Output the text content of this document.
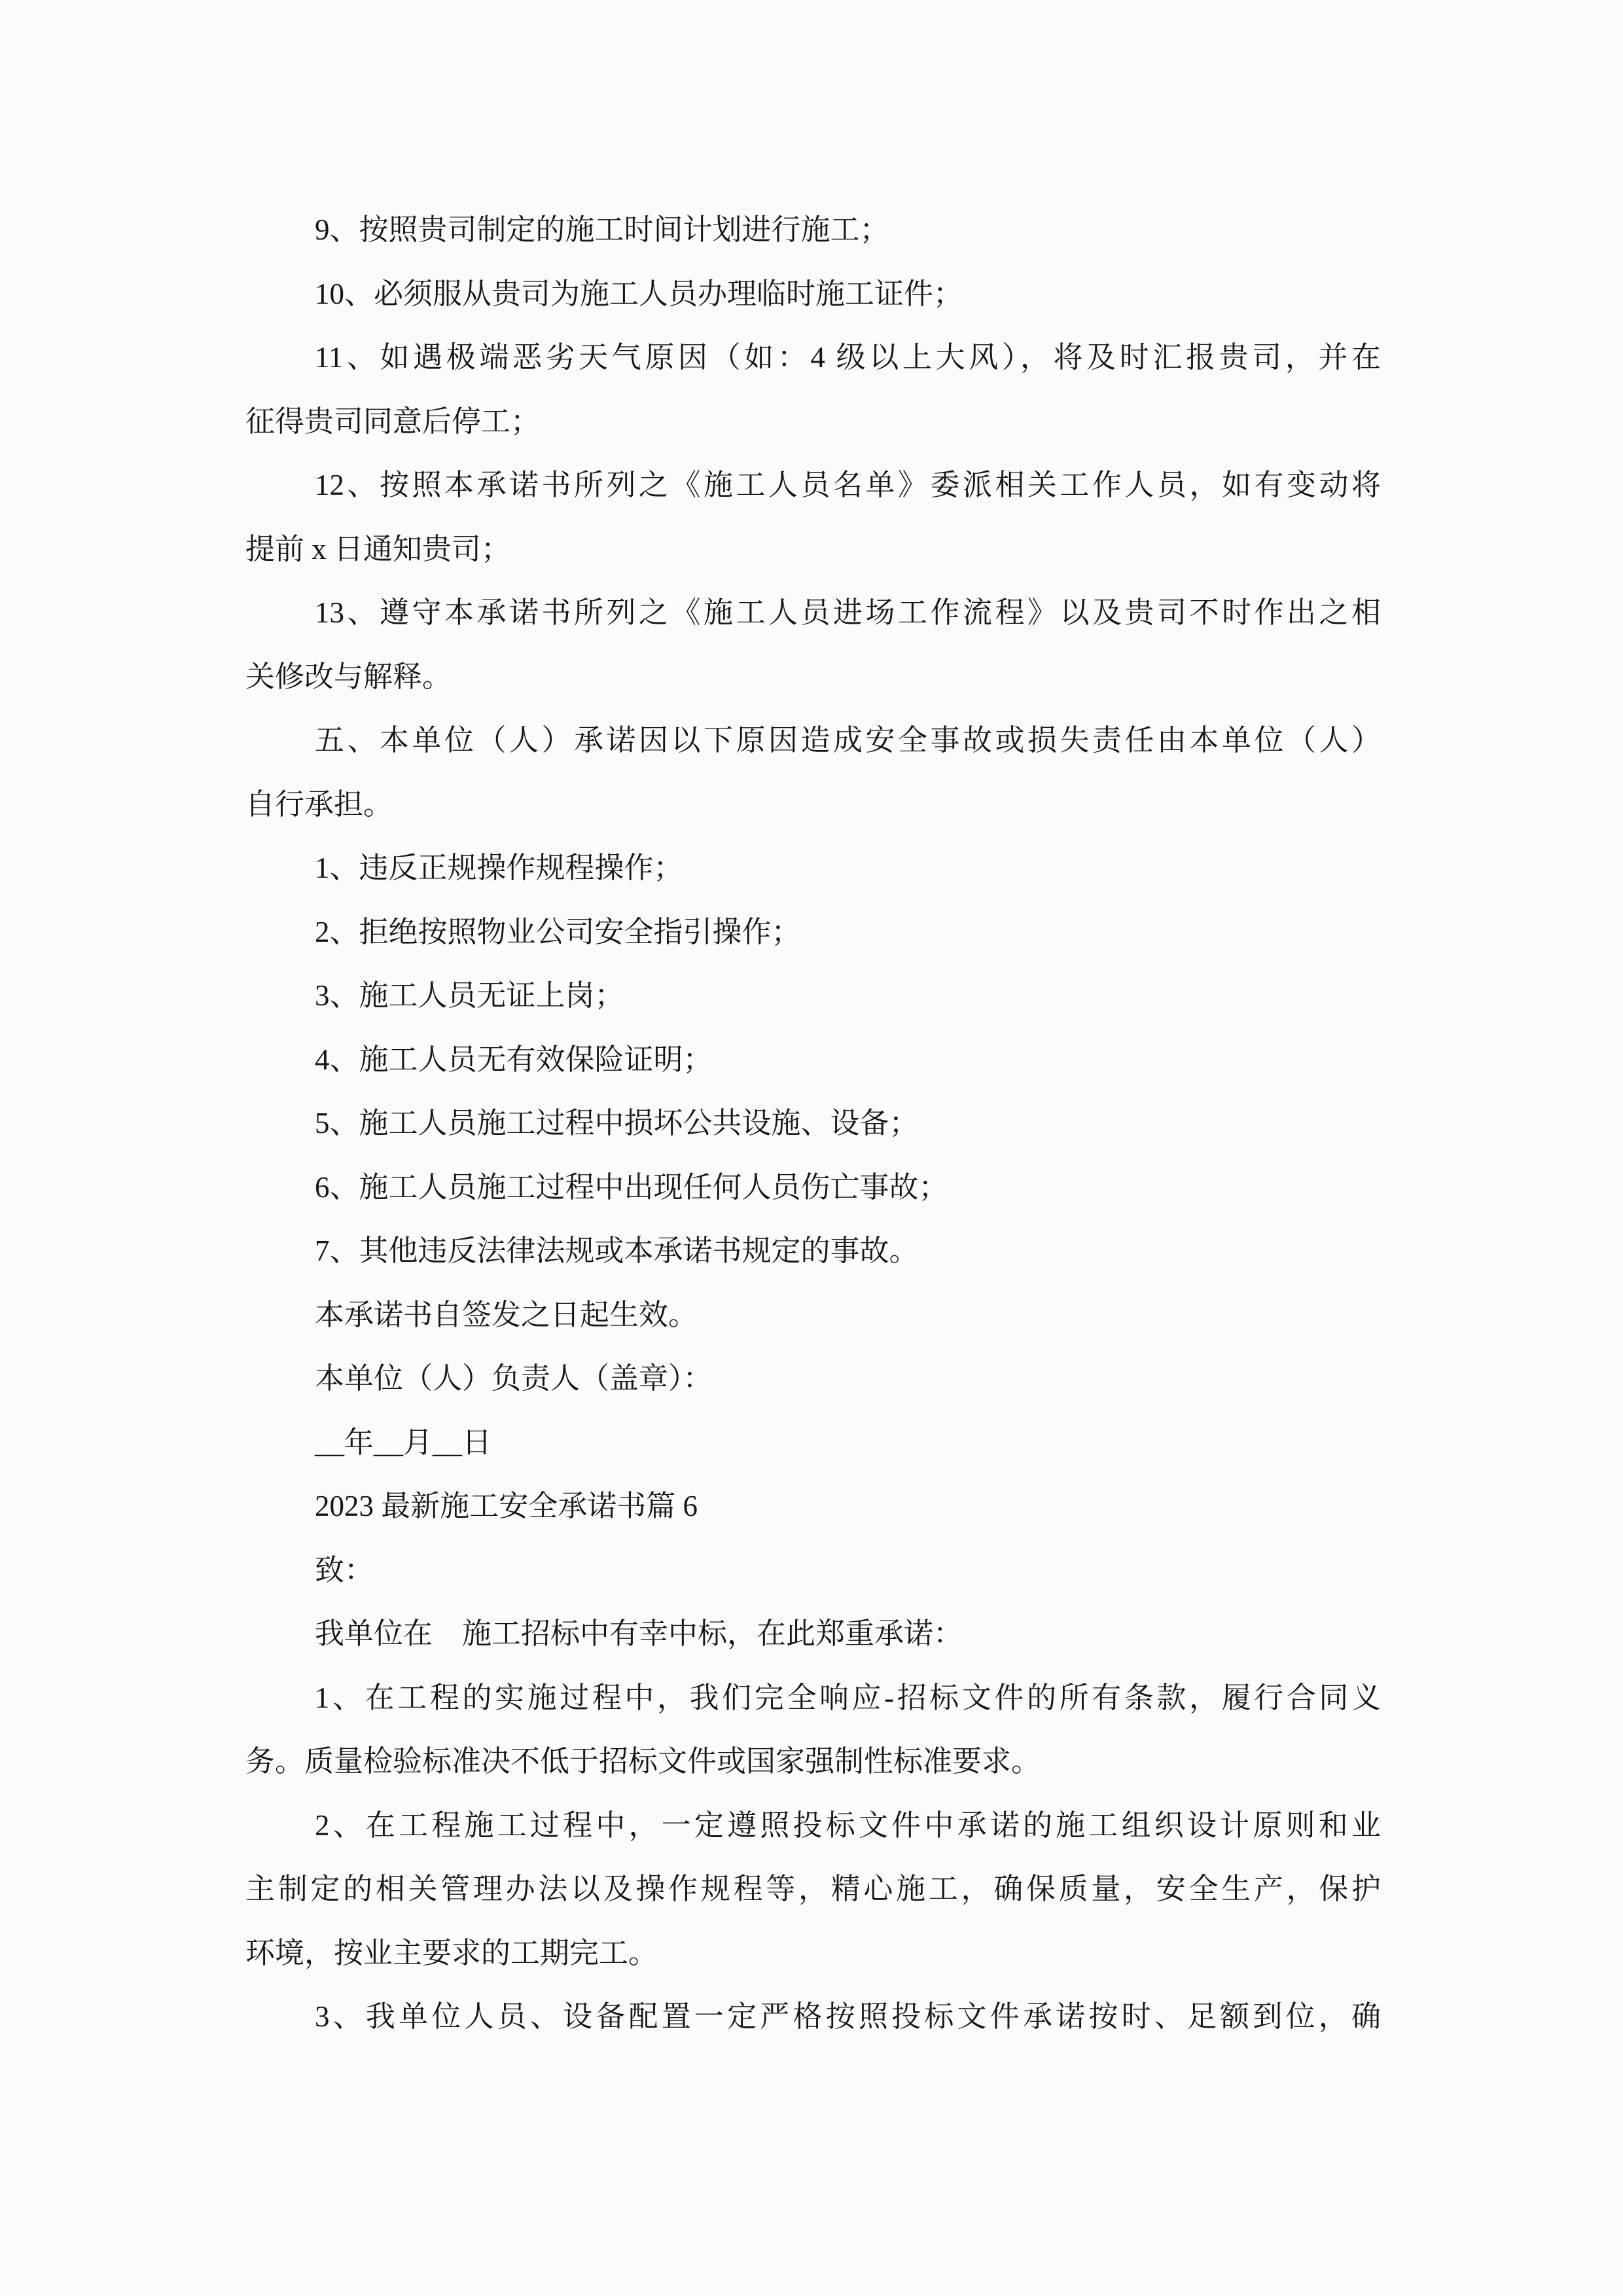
9、按照贵司制定的施工时间计划进行施工；
10、必须服从贵司为施工人员办理临时施工证件；
11、如遇极端恶劣天气原因（如：4 级以上大风），将及时汇报贵司，并在
征得贵司同意后停工；
12、按照本承诺书所列之《施工人员名单》委派相关工作人员，如有变动将
提前 x 日通知贵司；
13、遵守本承诺书所列之《施工人员进场工作流程》以及贵司不时作出之相
关修改与解释。
五、本单位（人）承诺因以下原因造成安全事故或损失责任由本单位（人）
自行承担。
1、违反正规操作规程操作；
2、拒绝按照物业公司安全指引操作；
3、施工人员无证上岗；
4、施工人员无有效保险证明；
5、施工人员施工过程中损坏公共设施、设备；
6、施工人员施工过程中出现任何人员伤亡事故；
7、其他违反法律法规或本承诺书规定的事故。
本承诺书自签发之日起生效。
本单位（人）负责人（盖章）：
__年__月__日
2023 最新施工安全承诺书篇 6
致：
我单位在　施工招标中有幸中标，在此郑重承诺：
1、在工程的实施过程中，我们完全响应-招标文件的所有条款，履行合同义
务。质量检验标准决不低于招标文件或国家强制性标准要求。
2、在工程施工过程中，一定遵照投标文件中承诺的施工组织设计原则和业
主制定的相关管理办法以及操作规程等，精心施工，确保质量，安全生产，保护
环境，按业主要求的工期完工。
3、我单位人员、设备配置一定严格按照投标文件承诺按时、足额到位，确
